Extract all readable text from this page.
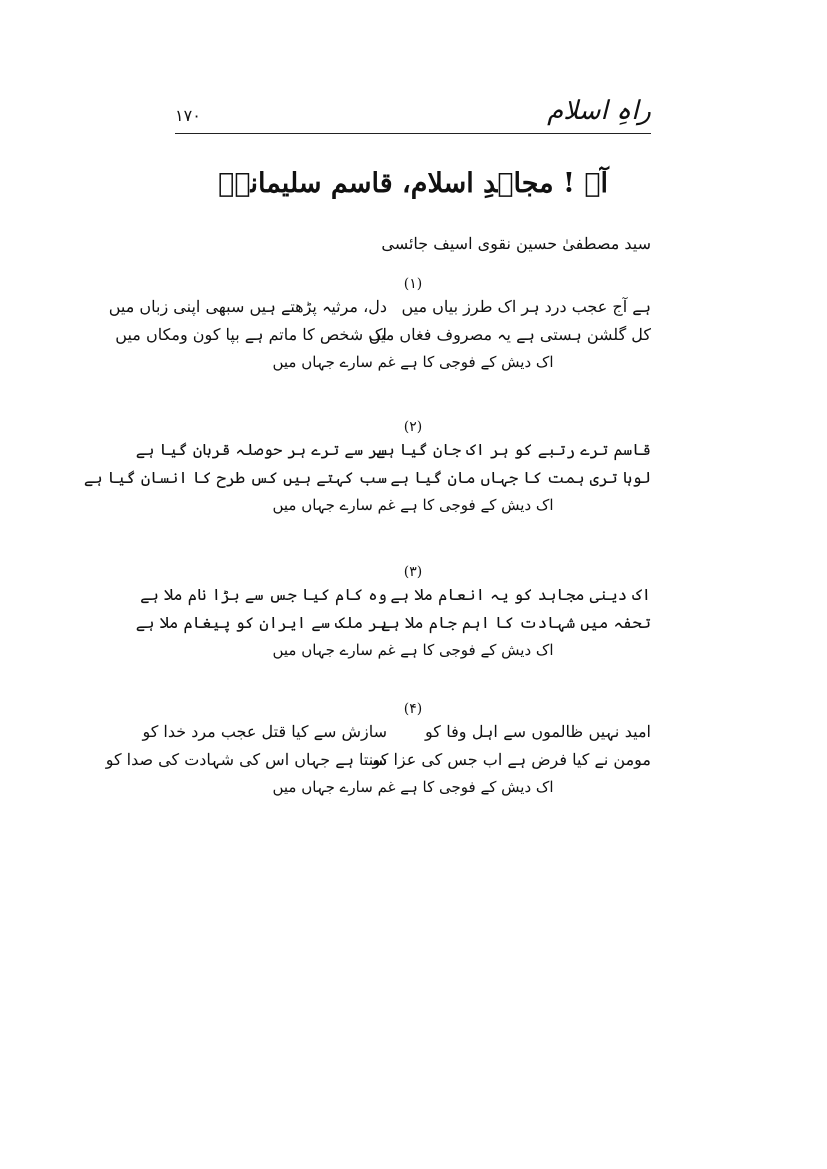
راہِ اسلام
۱۷۰
آہ ! مجاہدِ اسلام، قاسم سلیمانیؒ
سید مصطفیٰ حسین نقوی اسیف جائسی
(۱)
ہے آج عجب درد ہر اک طرز بیاں میں
دل، مرثیہ پڑھتے ہیں سبھی اپنی زباں میں
کل گلشن ہستی ہے یہ مصروف فغاں میں
اک شخص کا ماتم ہے بپا کون ومکاں میں
اک دیش کے فوجی کا ہے غم سارے جہاں میں
(۲)
قاسم ترے رتبے کو ہر اک جان گیا ہے
سر سے ترے ہر حوصلہ قربان گیا ہے
لوہا تری ہمت کا جہاں مان گیا ہے
سب کہتے ہیں کس طرح کا انسان گیا ہے
اک دیش کے فوجی کا ہے غم سارے جہاں میں
(۳)
اک دینی مجاہد کو یہ انعام ملا ہے
وہ کام کیا جس سے بڑا نام ملا ہے
تحفہ میں شہادت کا اہم جام ملا ہے
ہر ملک سے ایران کو پیغام ملا ہے
اک دیش کے فوجی کا ہے غم سارے جہاں میں
(۴)
امید نہیں ظالموں سے اہل وفا کو
سازش سے کیا قتل عجب مرد خدا کو
مومن نے کیا فرض ہے اب جس کی عزا کو
سنتا ہے جہاں اس کی شہادت کی صدا کو
اک دیش کے فوجی کا ہے غم سارے جہاں میں
